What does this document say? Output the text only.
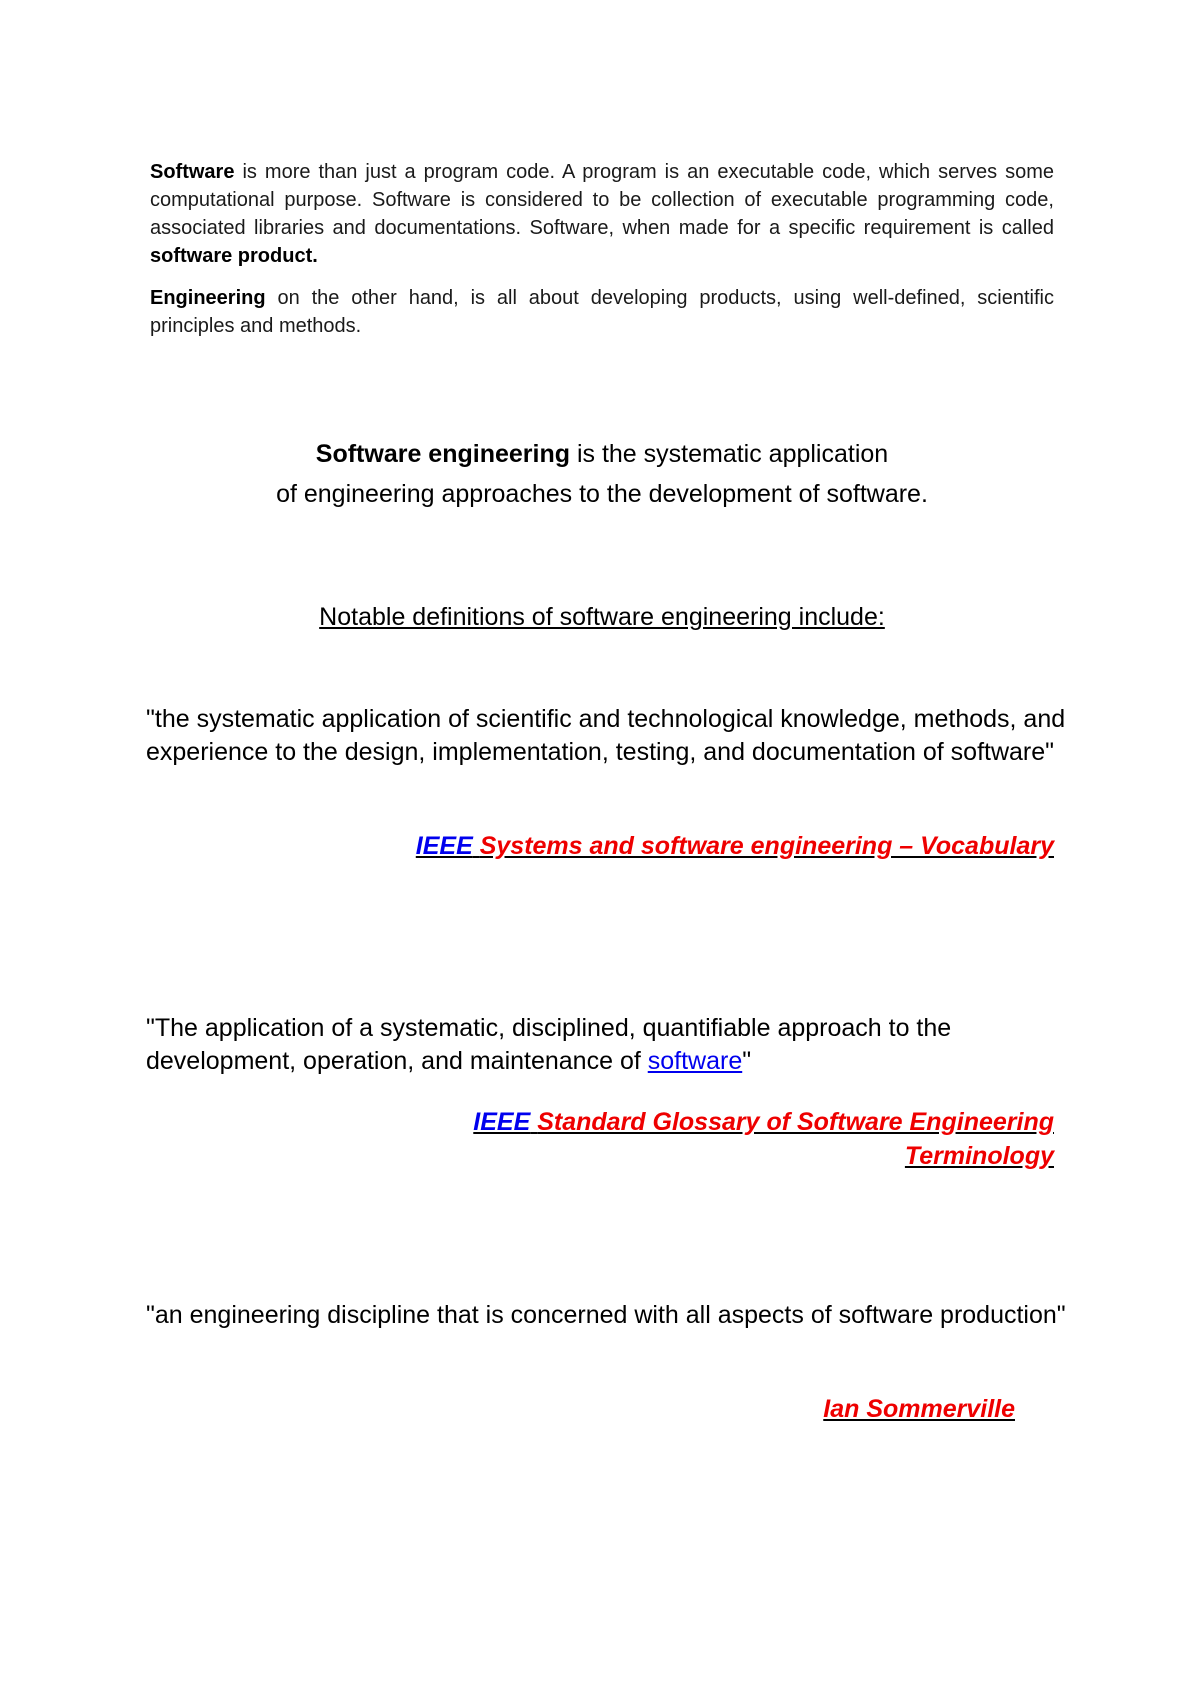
Software is more than just a program code. A program is an executable code, which serves some computational purpose. Software is considered to be collection of executable programming code, associated libraries and documentations. Software, when made for a specific requirement is called software product.

Engineering on the other hand, is all about developing products, using well-defined, scientific principles and methods.

Software engineering is the systematic application
of engineering approaches to the development of software.
Notable definitions of software engineering include:
"the systematic application of scientific and technological knowledge, methods, and experience to the design, implementation, testing, and documentation of software"
IEEE Systems and software engineering – Vocabulary
"The application of a systematic, disciplined, quantifiable approach to the development, operation, and maintenance of software"
IEEE Standard Glossary of Software Engineering Terminology
"an engineering discipline that is concerned with all aspects of software production"
Ian Sommerville
